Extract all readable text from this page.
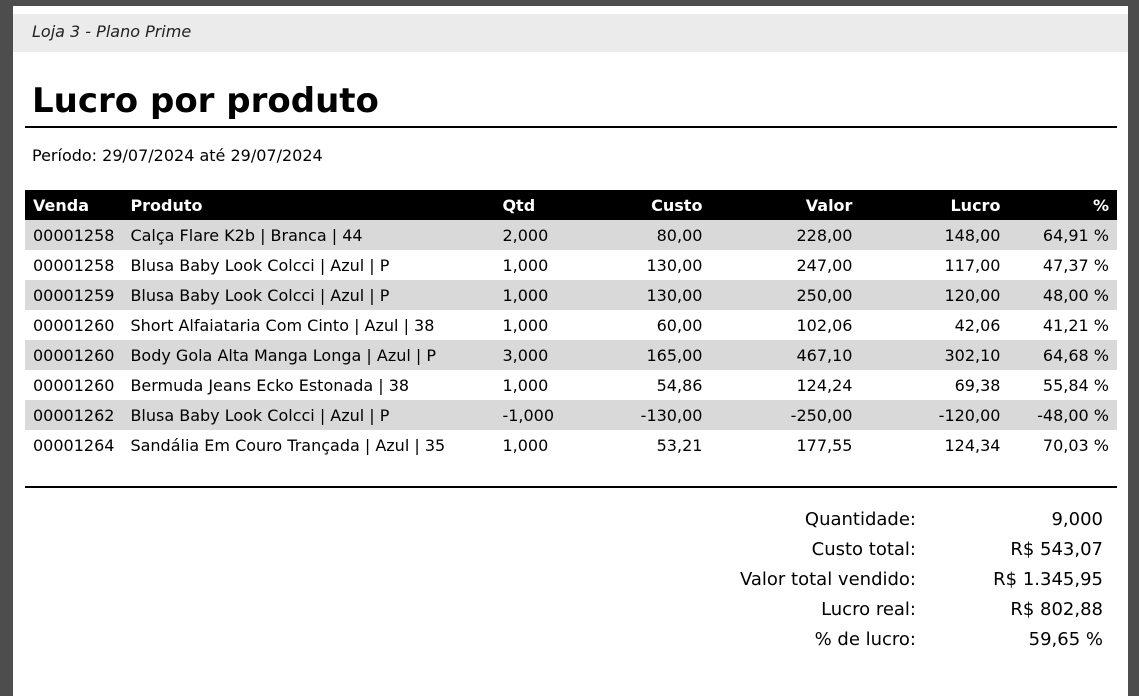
Loja 3 - Plano Prime
Lucro por produto
Período: 29/07/2024 até 29/07/2024
Venda	Produto	Qtd	Custo	Valor	Lucro	%
00001258	Calça Flare K2b | Branca | 44	2,000	80,00	228,00	148,00	64,91 %
00001258	Blusa Baby Look Colcci | Azul | P	1,000	130,00	247,00	117,00	47,37 %
00001259	Blusa Baby Look Colcci | Azul | P	1,000	130,00	250,00	120,00	48,00 %
00001260	Short Alfaiataria Com Cinto | Azul | 38	1,000	60,00	102,06	42,06	41,21 %
00001260	Body Gola Alta Manga Longa | Azul | P	3,000	165,00	467,10	302,10	64,68 %
00001260	Bermuda Jeans Ecko Estonada | 38	1,000	54,86	124,24	69,38	55,84 %
00001262	Blusa Baby Look Colcci | Azul | P	-1,000	-130,00	-250,00	-120,00	-48,00 %
00001264	Sandália Em Couro Trançada | Azul | 35	1,000	53,21	177,55	124,34	70,03 %
Quantidade:	9,000
Custo total:	R$ 543,07
Valor total vendido:	R$ 1.345,95
Lucro real:	R$ 802,88
% de lucro:	59,65 %
